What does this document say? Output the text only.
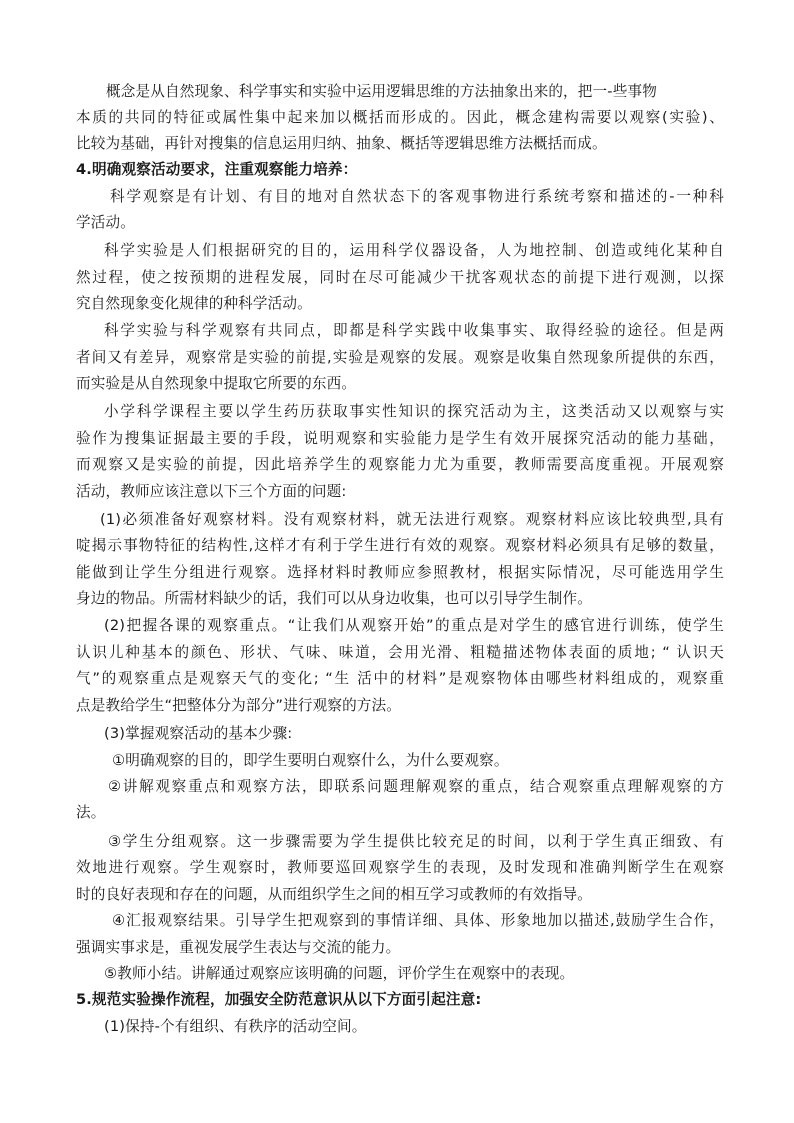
概念是从自然现象、科学事实和实验中运用逻辑思维的方法抽象出来的，把一-些事物
本质的共同的特征或属性集中起来加以概括而形成的。因此，概念建构需要以观察(实验)、
比较为基础，再针对搜集的信息运用归纳、抽象、概括等逻辑思维方法概括而成。
4.明确观察活动要求，注重观察能力培养：
科学观察是有计划、有目的地对自然状态下的客观事物进行系统考察和描述的-一种科
学活动。
科学实验是人们根据研究的目的，运用科学仪器设备，人为地控制、创造或纯化某种自
然过程，使之按预期的进程发展，同时在尽可能减少干扰客观状态的前提下进行观测，以探
究自然现象变化规律的种科学活动。
科学实验与科学观察有共同点，即都是科学实践中收集事实、取得经验的途径。但是两
者间又有差异，观察常是实验的前提,实验是观察的发展。观察是收集自然现象所提供的东西，
而实验是从自然现象中提取它所要的东西。
小学科学课程主要以学生药历获取事实性知识的探究活动为主，这类活动又以观察与实
验作为搜集证据最主要的手段，说明观察和实验能力是学生有效开展探究活动的能力基础，
而观察又是实验的前提，因此培养学生的观察能力尤为重要，教师需要高度重视。开展观察
活动，教师应该注意以下三个方面的问题:
(1)必须准备好观察材料。没有观察材料，就无法进行观察。观察材料应该比较典型,具有
啶揭示事物特征的结构性,这样才有利于学生进行有效的观察。观察材料必须具有足够的数量，
能做到让学生分组进行观察。选择材料时教师应参照教材，根据实际情况，尽可能选用学生
身边的物品。所需材料缺少的话，我们可以从身边收集，也可以引导学生制作。
(2)把握各课的观察重点。“让我们从观察开始”的重点是对学生的感官进行训练，使学生
认识儿种基本的颜色、形状、气味、味道，会用光滑、粗糙描述物体表面的质地; “ 认识天
气”的观察重点是观察天气的变化; “生 活中的材料”是观察物体由哪些材料组成的，观察重
点是教给学生“把整体分为部分”进行观察的方法。
(3)掌握观察活动的基本少骤:
①明确观察的目的，即学生要明白观察什么，为什么要观察。
②讲解观察重点和观察方法，即联系问题理解观察的重点，结合观察重点理解观察的方
法。
③学生分组观察。这一步骤需要为学生提供比较充足的时间，以利于学生真正细致、有
效地进行观察。学生观察时，教师要巡回观察学生的表现，及时发现和准确判断学生在观察
时的良好表现和存在的问题，从而组织学生之间的相互学习或教师的有效指导。
④汇报观察结果。引导学生把观察到的事情详细、具体、形象地加以描述,鼓励学生合作，
强调实事求是，重视发展学生表达与交流的能力。
⑤教师小结。讲解通过观察应该明确的问题，评价学生在观察中的表现。
5.规范实验操作流程，加强安全防范意识从以下方面引起注意:
(1)保持-个有组织、有秩序的活动空间。
